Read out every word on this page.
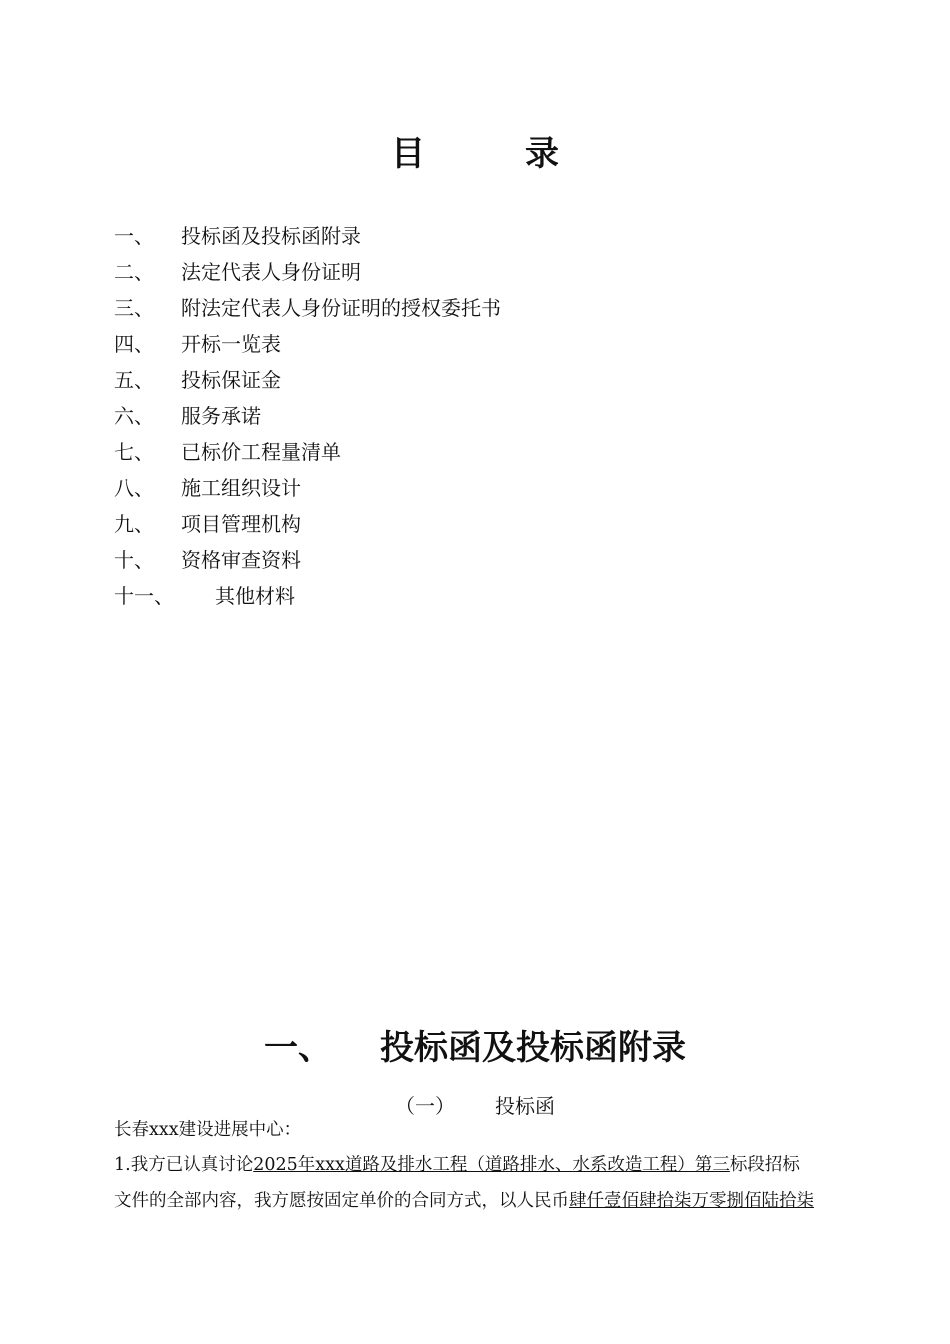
目	录
一、 投标函及投标函附录
二、 法定代表人身份证明
三、 附法定代表人身份证明的授权委托书
四、 开标一览表
五、 投标保证金
六、 服务承诺
七、 已标价工程量清单
八、 施工组织设计
九、 项目管理机构
十、 资格审查资料
十一、 其他材料
一、 投标函及投标函附录
（一） 投标函
长春xxx建设进展中心：
1.我方已认真讨论2025年xxx道路及排水工程（道路排水、水系改造工程）第三标段招标
文件的全部内容，我方愿按固定单价的合同方式，以人民币肆仟壹佰肆拾柒万零捌佰陆拾柒
